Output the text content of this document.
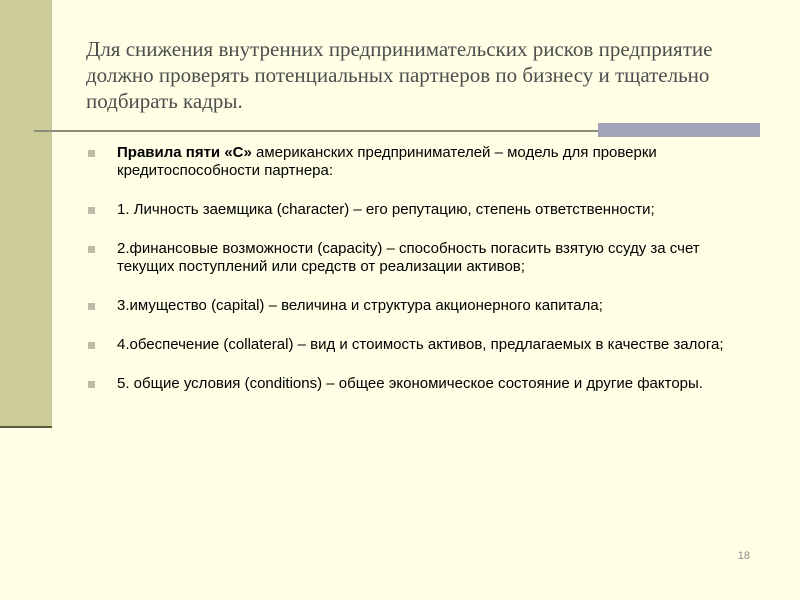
Для снижения внутренних предпринимательских рисков предприятие должно проверять потенциальных партнеров по бизнесу и тщательно подбирать кадры.
Правила пяти «С» американских предпринимателей – модель для проверки кредитоспособности партнера:
1. Личность заемщика (character) – его репутацию, степень ответственности;
2.финансовые возможности (capacity) – способность погасить взятую ссуду за счет текущих поступлений или средств от реализации активов;
3.имущество (capital) – величина и структура акционерного капитала;
4.обеспечение (collateral) – вид и стоимость активов, предлагаемых в качестве залога;
5. общие условия (conditions) – общее экономическое состояние и другие факторы.
18
